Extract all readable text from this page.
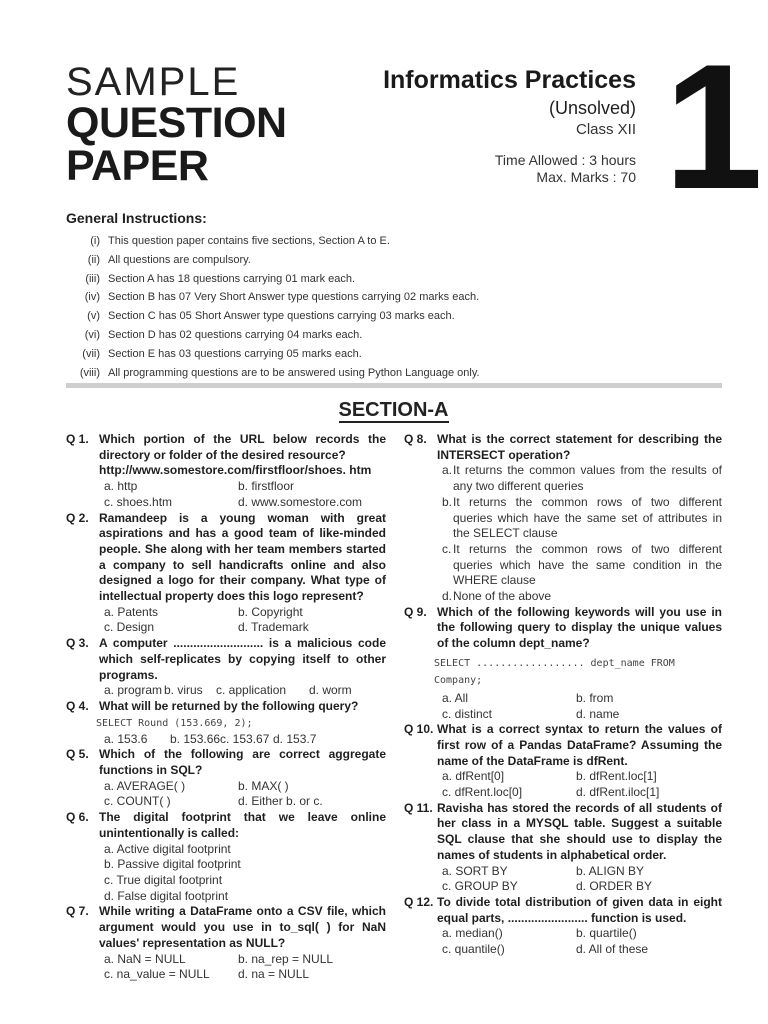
SAMPLE
QUESTION
PAPER
Informatics Practices
(Unsolved)
Class XII
Time Allowed : 3 hours
Max. Marks : 70 1
General Instructions:
(i) This question paper contains five sections, Section A to E.
(ii) All questions are compulsory.
(iii) Section A has 18 questions carrying 01 mark each.
(iv) Section B has 07 Very Short Answer type questions carrying 02 marks each.
(v) Section C has 05 Short Answer type questions carrying 03 marks each.
(vi) Section D has 02 questions carrying 04 marks each.
(vii) Section E has 03 questions carrying 05 marks each.
(viii) All programming questions are to be answered using Python Language only.
SECTION-A
Q 1. Which portion of the URL below records the directory or folder of the desired resource?
http://www.somestore.com/firstfloor/shoes. htm
a. http	b. firstfloor
c. shoes.htm	d. www.somestore.com
Q 2. Ramandeep is a young woman with great aspirations and has a good team of like-minded people. She along with her team members started a company to sell handicrafts online and also designed a logo for their company. What type of intellectual property does this logo represent?
a. Patents	b. Copyright
c. Design	d. Trademark
Q 3. A computer ........................... is a malicious code which self-replicates by copying itself to other programs.
a. program b. virus	c. application	d. worm
Q 4. What will be returned by the following query?
SELECT Round (153.669, 2);
a. 153.6	b. 153.66 c. 153.67 d. 153.7
Q 5. Which of the following are correct aggregate functions in SQL?
a. AVERAGE( )	b. MAX( )
c. COUNT( )	d. Either b. or c.
Q 6. The digital footprint that we leave online unintentionally is called:
a. Active digital footprint
b. Passive digital footprint
c. True digital footprint
d. False digital footprint
Q 7. While writing a DataFrame onto a CSV file, which argument would you use in to_sql( ) for NaN values' representation as NULL?
a. NaN = NULL	b. na_rep = NULL
c. na_value = NULL	d. na = NULL
Q 8. What is the correct statement for describing the INTERSECT operation?
a. It returns the common values from the results of any two different queries
b. It returns the common rows of two different queries which have the same set of attributes in the SELECT clause
c. It returns the common rows of two different queries which have the same condition in the WHERE clause
d. None of the above
Q 9. Which of the following keywords will you use in the following query to display the unique values of the column dept_name?
SELECT .................. dept_name FROM
Company;
a. All	b. from
c. distinct	d. name
Q 10. What is a correct syntax to return the values of first row of a Pandas DataFrame? Assuming the name of the DataFrame is dfRent.
a. dfRent[0]	b. dfRent.loc[1]
c. dfRent.loc[0]	d. dfRent.iloc[1]
Q 11. Ravisha has stored the records of all students of her class in a MYSQL table. Suggest a suitable SQL clause that she should use to display the names of students in alphabetical order.
a. SORT BY	b. ALIGN BY
c. GROUP BY	d. ORDER BY
Q 12. To divide total distribution of given data in eight equal parts, ........................ function is used.
a. median()	b. quartile()
c. quantile()	d. All of these
